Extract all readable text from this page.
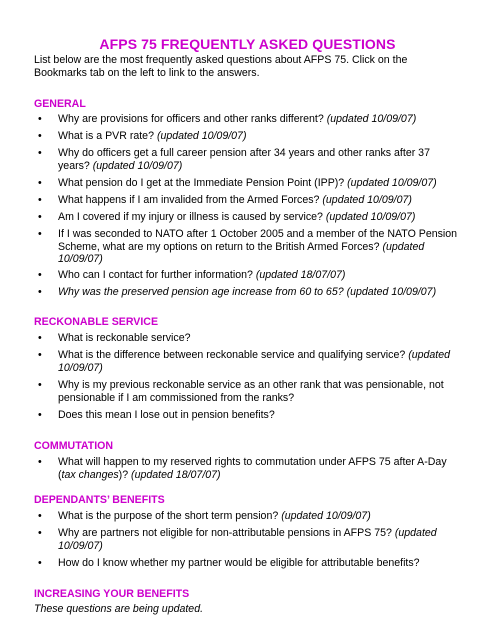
AFPS 75 FREQUENTLY ASKED QUESTIONS

List below are the most frequently asked questions about AFPS 75. Click on the Bookmarks tab on the left to link to the answers.

GENERAL

•	Why are provisions for officers and other ranks different? (updated 10/09/07)
•	What is a PVR rate? (updated 10/09/07)
•	Why do officers get a full career pension after 34 years and other ranks after 37 years? (updated 10/09/07)
•	What pension do I get at the Immediate Pension Point (IPP)? (updated 10/09/07)
•	What happens if I am invalided from the Armed Forces? (updated 10/09/07)
•	Am I covered if my injury or illness is caused by service? (updated 10/09/07)
•	If I was seconded to NATO after 1 October 2005 and a member of the NATO Pension Scheme, what are my options on return to the British Armed Forces? (updated 10/09/07)
•	Who can I contact for further information? (updated 18/07/07)
•	Why was the preserved pension age increase from 60 to 65? (updated 10/09/07)

RECKONABLE SERVICE

•	What is reckonable service?
•	What is the difference between reckonable service and qualifying service? (updated 10/09/07)
•	Why is my previous reckonable service as an other rank that was pensionable, not pensionable if I am commissioned from the ranks?
•	Does this mean I lose out in pension benefits?

COMMUTATION

•	What will happen to my reserved rights to commutation under AFPS 75 after A-Day (tax changes)? (updated 18/07/07)

DEPENDANTS’ BENEFITS

•	What is the purpose of the short term pension? (updated 10/09/07)
•	Why are partners not eligible for non-attributable pensions in AFPS 75? (updated 10/09/07)
•	How do I know whether my partner would be eligible for attributable benefits?

INCREASING YOUR BENEFITS

These questions are being updated.
